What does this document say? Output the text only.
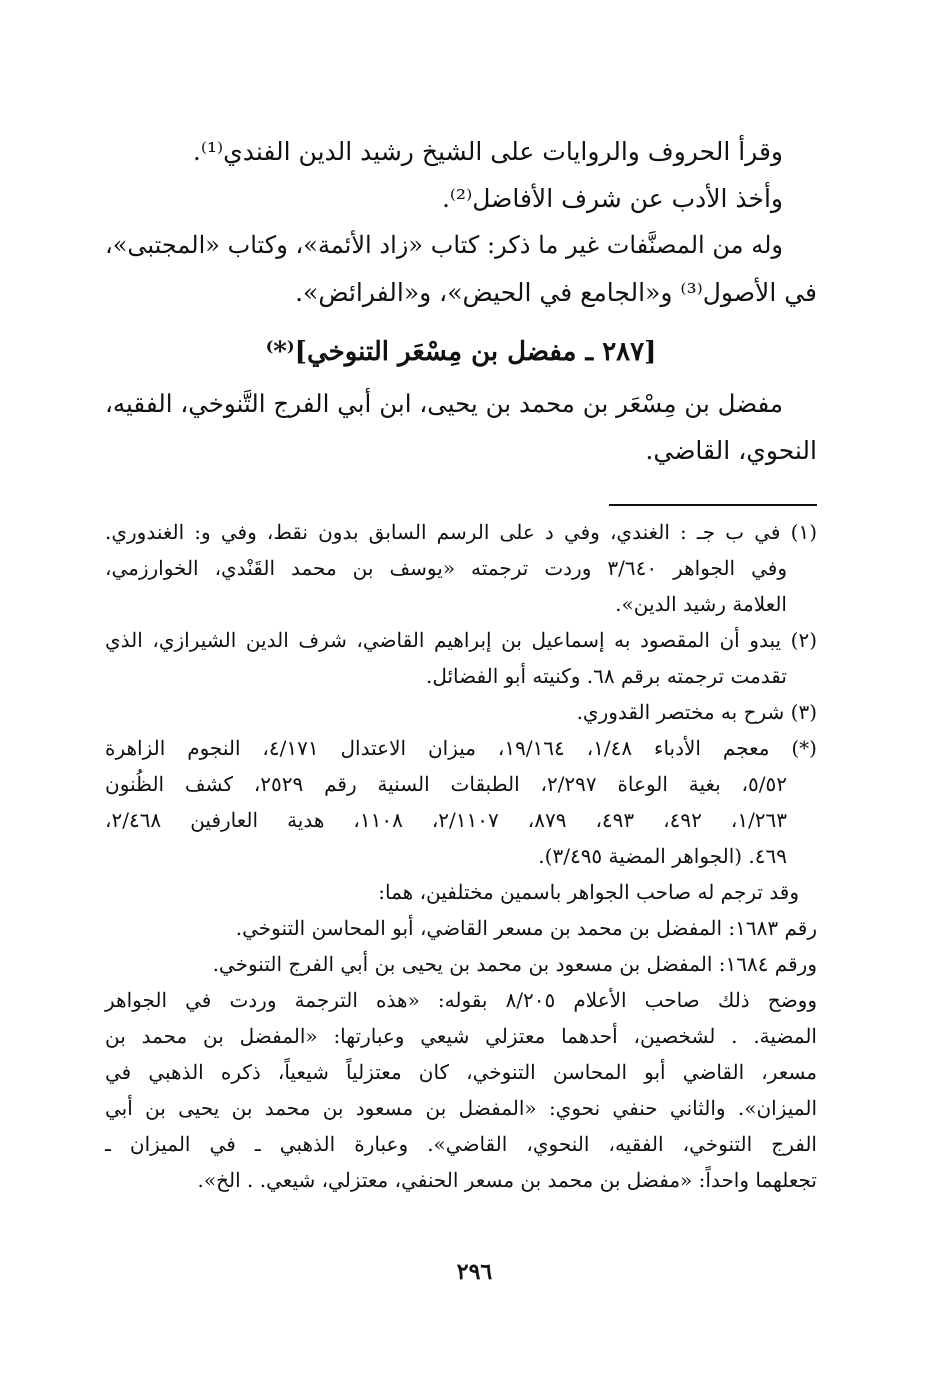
وقرأ الحروف والروايات على الشيخ رشيد الدين الفندي⁽¹⁾.

وأخذ الأدب عن شرف الأفاضل⁽²⁾.

وله من المصنَّفات غير ما ذكر: كتاب «زاد الأئمة»، وكتاب «المجتبى»،

في الأصول⁽³⁾ و«الجامع في الحيض»، و«الفرائض».

[٢٨٧ ـ مفضل بن مِسْعَر التنوخي]⁽*⁾

مفضل بن مِسْعَر بن محمد بن يحيى، ابن أبي الفرج التَّنوخي، الفقيه،

النحوي، القاضي.

(١) في ب جـ : الغندي، وفي د على الرسم السابق بدون نقط، وفي و: الغندوري.

وفي الجواهر ٣/٦٤٠ وردت ترجمته «يوسف بن محمد القَنْدي، الخوارزمي،

العلامة رشيد الدين».

(٢) يبدو أن المقصود به إسماعيل بن إبراهيم القاضي، شرف الدين الشيرازي، الذي

تقدمت ترجمته برقم ٦٨. وكنيته أبو الفضائل.

(٣) شرح به مختصر القدوري.

(*) معجم الأدباء ١/٤٨، ١٩/١٦٤، ميزان الاعتدال ٤/١٧١، النجوم الزاهرة

٥/٥٢، بغية الوعاة ٢/٢٩٧، الطبقات السنية رقم ٢٥٢٩، كشف الظُنون

١/٢٦٣، ٤٩٢، ٤٩٣، ٨٧٩، ٢/١١٠٧، ١١٠٨، هدية العارفين ٢/٤٦٨،

٤٦٩. (الجواهر المضية ٣/٤٩٥).

وقد ترجم له صاحب الجواهر باسمين مختلفين، هما:

رقم ١٦٨٣: المفضل بن محمد بن مسعر القاضي، أبو المحاسن التنوخي.

ورقم ١٦٨٤: المفضل بن مسعود بن محمد بن يحيى بن أبي الفرج التنوخي.

ووضح ذلك صاحب الأعلام ٨/٢٠٥ بقوله: «هذه الترجمة وردت في الجواهر

المضية. . لشخصين، أحدهما معتزلي شيعي وعبارتها: «المفضل بن محمد بن

مسعر، القاضي أبو المحاسن التنوخي، كان معتزلياً شيعياً، ذكره الذهبي في

الميزان». والثاني حنفي نحوي: «المفضل بن مسعود بن محمد بن يحيى بن أبي

الفرج التنوخي، الفقيه، النحوي، القاضي». وعبارة الذهبي ـ في الميزان ـ

تجعلهما واحداً: «مفضل بن محمد بن مسعر الحنفي، معتزلي، شيعي. . الخ».

٢٩٦
